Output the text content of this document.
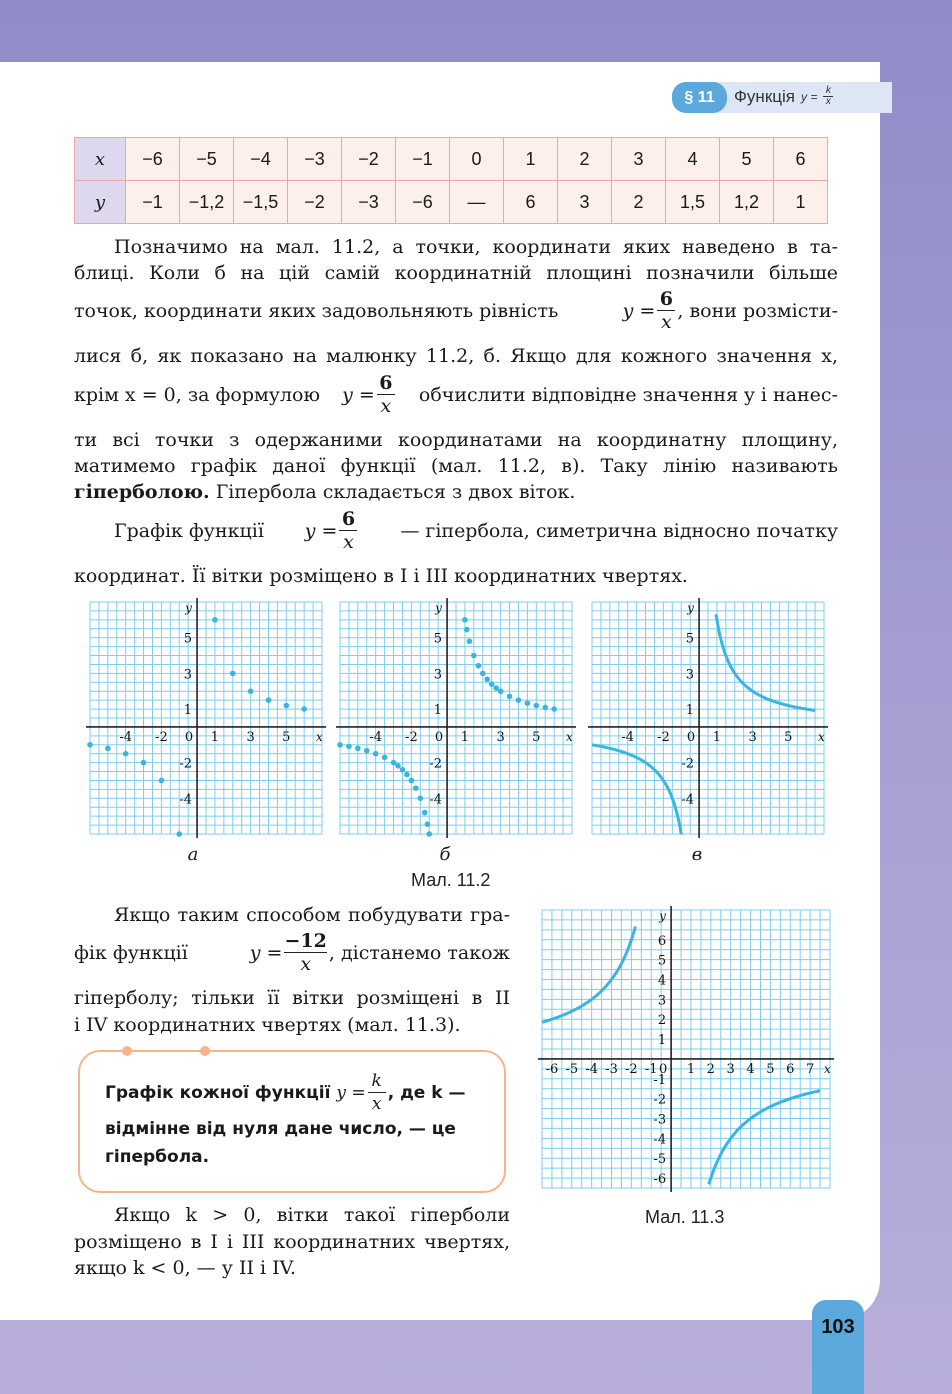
§ 11	Функція $y = \frac{k}{x}$
x	−6	−5	−4	−3	−2	−1	0	1	2	3	4	5	6
y	−1	−1,2	−1,5	−2	−3	−6	—	6	3	2	1,5	1,2	1
Позначимо на мал. 11.2, а точки, координати яких наведено в та-
блиці. Коли б на цій самій координатній площині позначили більше
точок, координати яких задовольняють рівність	$y = \frac{6}{x}$ , вони розмісти-
лися б, як показано на малюнку 11.2, б. Якщо для кожного значення x,
крім x = 0, за формулою $y = \frac{6}{x}$ обчислити відповідне значення y і нанес-
ти всі точки з одержаними координатами на координатну площину,
матимемо графік даної функції (мал. 11.2, в). Таку лінію називають
гіперболою. Гіпербола складається з двох віток.
Графік функції $y = \frac{6}{x}$ — гіпербола, симетрична відносно початку
координат. Її вітки розміщено в I і III координатних чвертях.
-4 -2 0 1 3 5
5
3
1
-2
-4
x
y
-4 -2 0 1 3 5
5
3
1
-2
-4
x
y
-4 -2 0 1 3 5
5
3
1
-2
-4
x
y
а	б	в
Мал. 11.2
Якщо таким способом побудувати гра-
фік функції	$y = \frac{-12}{x}$ , дістанемо також
гіперболу; тільки її вітки розміщені в II
і IV координатних чвертях (мал. 11.3).
Графік кожної функції $y = \frac{k}{x}$ , де k —
відмінне від нуля дане число, — це
гіпербола.
Якщо k > 0, вітки такої гіперболи
розміщено в I і III координатних чвертях,
якщо k < 0, — у II і IV.
-6 -5 -4 -3 -2 -1 0 1 2 3 4 5 6 7
6
5
4
3
2
1
-1
-2
-3
-4
-5
-6
x
y
Мал. 11.3
103
